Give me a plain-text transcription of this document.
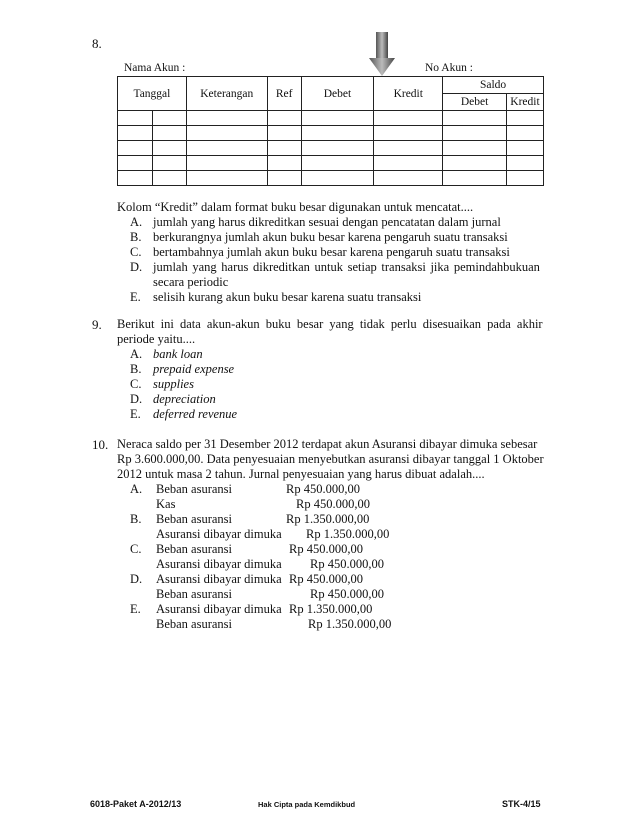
8.
Nama Akun :	No Akun :
Tanggal		Keterangan	Ref	Debet	Kredit	Saldo	
						Debet	Kredit

Kolom “Kredit” dalam format buku besar digunakan untuk mencatat....
A. jumlah yang harus dikreditkan sesuai dengan pencatatan dalam jurnal
B. berkurangnya jumlah akun buku besar karena pengaruh suatu transaksi
C. bertambahnya jumlah akun buku besar karena pengaruh suatu transaksi
D. jumlah yang harus dikreditkan untuk setiap transaksi jika pemindahbukuan
secara periodic
E. selisih kurang akun buku besar karena suatu transaksi
9. Berikut ini data akun-akun buku besar yang tidak perlu disesuaikan pada akhir
periode yaitu....
A. bank loan
B. prepaid expense
C. supplies
D. depreciation
E. deferred revenue
10. Neraca saldo per 31 Desember 2012 terdapat akun Asuransi dibayar dimuka sebesar
Rp 3.600.000,00. Data penyesuaian menyebutkan asuransi dibayar tanggal 1 Oktober
2012 untuk masa 2 tahun. Jurnal penyesuaian yang harus dibuat adalah....
A. Beban asuransi	Rp 450.000,00
Kas	Rp 450.000,00
B. Beban asuransi	Rp 1.350.000,00
Asuransi dibayar dimuka Rp 1.350.000,00
C. Beban asuransi	Rp 450.000,00
Asuransi dibayar dimuka Rp 450.000,00
D. Asuransi dibayar dimuka Rp 450.000,00
Beban asuransi	Rp 450.000,00
E. Asuransi dibayar dimuka Rp 1.350.000,00
Beban asuransi	Rp 1.350.000,00
6018-Paket A-2012/13	Hak Cipta pada Kemdikbud	STK-4/15
